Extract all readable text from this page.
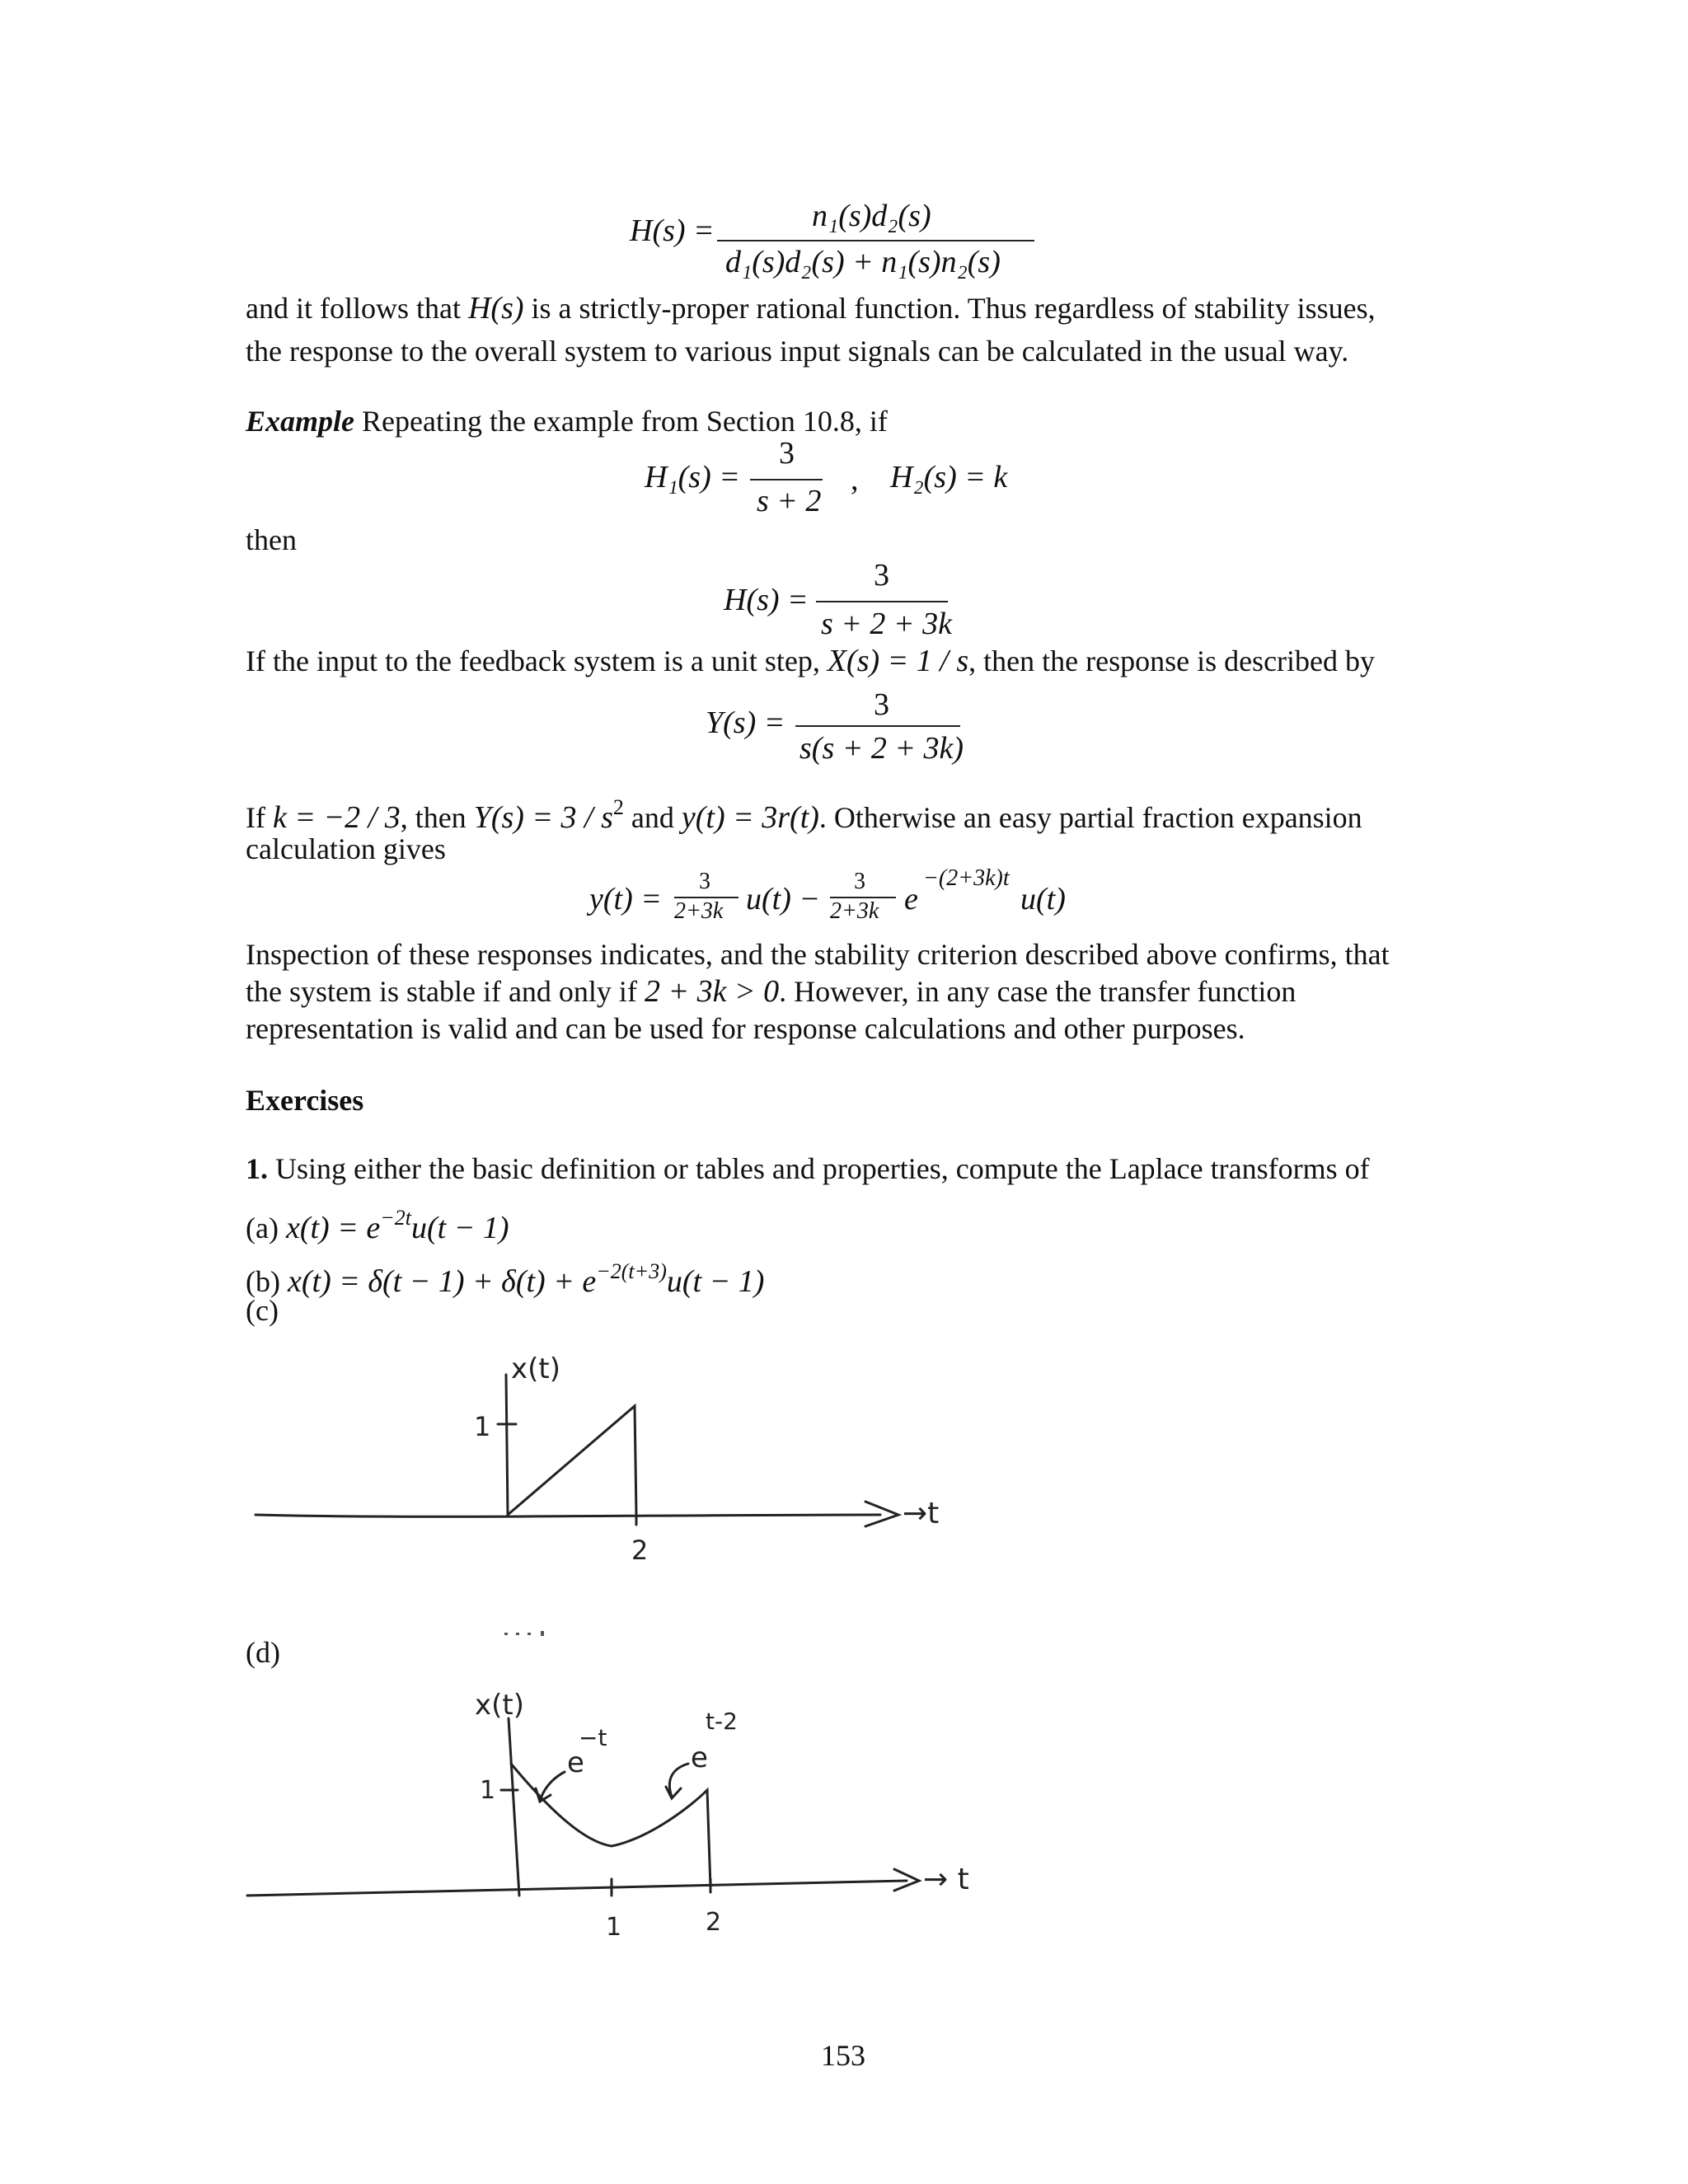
H(s) =	n₁(s)d₂(s)
d₁(s)d₂(s) + n₁(s)n₂(s)
and it follows that H(s) is a strictly-proper rational function. Thus regardless of stability issues,
the response to the overall system to various input signals can be calculated in the usual way.
Example Repeating the example from Section 10.8, if
H₁(s) =
3
s + 2
, H₂(s) = k
then
H(s) =
3
s + 2 + 3k
If the input to the feedback system is a unit step, X(s) = 1 / s, then the response is described by
Y(s) =
3
s(s + 2 + 3k)
If k = −2 / 3, then $Y(s) = 3 / s^2$ and y(t) = 3r(t). Otherwise an easy partial fraction expansion
calculation gives
y(t) =
3
2+3k u(t) −
3
2+3k e
−(2+3k)t
u(t)
Inspection of these responses indicates, and the stability criterion described above confirms, that
the system is stable if and only if 2 + 3k > 0. However, in any case the transfer function
representation is valid and can be used for response calculations and other purposes.
Exercises
1. Using either the basic definition or tables and properties, compute the Laplace transforms of
(a) $x(t) = e^{-2t}u(t - 1)$
(b) $x(t) = \delta(t - 1) + \delta(t) + e^{-2(t+3)}u(t - 1)$
(c)
x(t)
1
2
→t
(d)
x(t)
1
1	2
→ t
e
−t
e
t-2
153
